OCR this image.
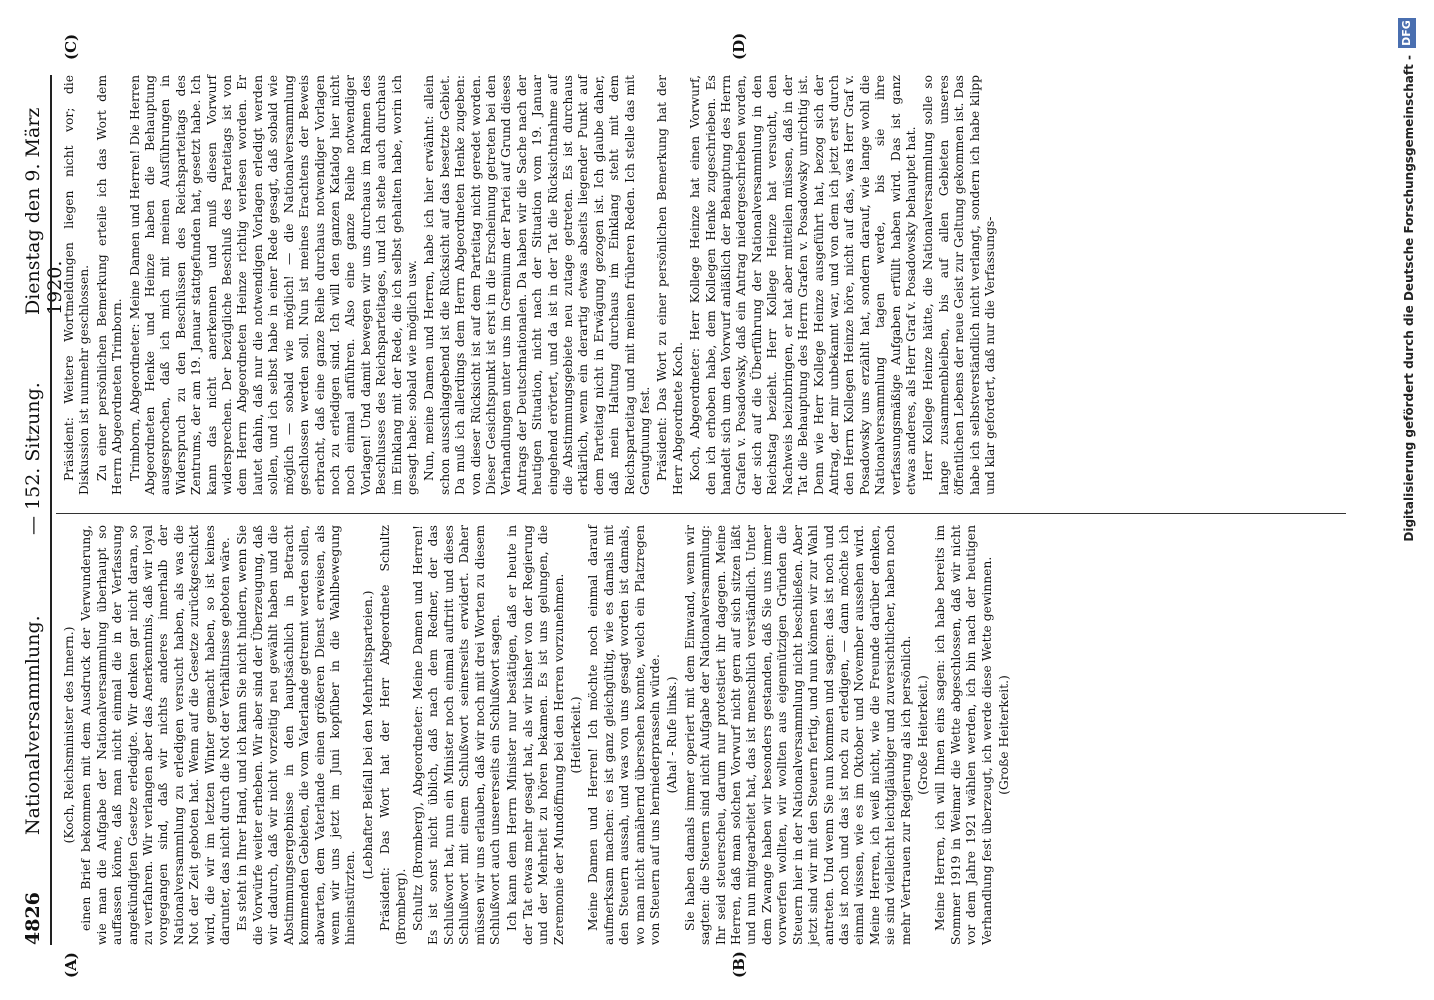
4826
Nationalversammlung.
— 152. Sitzung.
Dienstag den 9. März 1920.
(A)	(B)
(C)	(D)

(Koch, Reichsminister des Innern.) einen Brief bekommen mit dem Ausdruck der Verwunderung, wie man die Aufgabe der Nationalversammlung überhaupt so auffassen könne, daß man nicht einmal die in der Verfassung angekündigten Gesetze erledigte. Wir denken gar nicht daran, so zu verfahren. Wir verlangen aber das Anerkenntnis, daß wir loyal vorgegangen sind, daß wir nichts anderes innerhalb der Nationalversammlung zu erledigen versucht haben, als was die Not der Zeit geboten hat. Wenn auf die Gesetze zurückgeschickt wird, die wir im letzten Winter gemacht haben, so ist keines darunter, das nicht durch die Not der Verhältnisse geboten wäre. Es steht in Ihrer Hand, und ich kann Sie nicht hindern, wenn Sie die Vorwürfe weiter erheben. Wir aber sind der Überzeugung, daß wir dadurch, daß wir nicht vorzeitig neu gewählt haben und die Abstimmungsergebnisse in den hauptsächlich in Betracht kommenden Gebieten, die vom Vaterlande getrennt werden sollen, abwarten, dem Vaterlande einen größeren Dienst erweisen, als wenn wir uns jetzt im Juni kopfüber in die Wahlbewegung hineinstürzten.

(Lebhafter Beifall bei den Mehrheitsparteien.) Präsident: Das Wort hat der Herr Abgeordnete Schultz (Bromberg). Schultz (Bromberg), Abgeordneter: Meine Damen und Herren! Es ist sonst nicht üblich, daß nach dem Redner, der das Schlußwort hat, nun ein Minister noch einmal auftritt und dieses Schlußwort mit einem Schlußwort seinerseits erwidert. Daher müssen wir uns erlauben, daß wir noch mit drei Worten zu diesem Schlußwort auch unsererseits ein Schlußwort sagen. Ich kann dem Herrn Minister nur bestätigen, daß er heute in der Tat etwas mehr gesagt hat, als wir bisher von der Regierung und der Mehrheit zu hören bekamen. Es ist uns gelungen, die Zeremonie der Mundöffnung bei den Herren vorzunehmen. (Heiterkeit.) Meine Damen und Herren! Ich möchte noch einmal darauf aufmerksam machen: es ist ganz gleichgültig, wie es damals mit den Steuern aussah, und was von uns gesagt worden ist damals, wo man nicht annähernd übersehen konnte, welch ein Platzregen von Steuern auf uns herniederprasseln würde. (Aha! - Rufe links.) Sie haben damals immer operiert mit dem Einwand, wenn wir sagten: die Steuern sind nicht Aufgabe der Nationalversammlung: Ihr seid steuerscheu, darum nur protestiert ihr dagegen. Meine Herren, daß man solchen Vorwurf nicht gern auf sich sitzen läßt und nun mitgearbeitet hat, das ist menschlich verständlich. Unter dem Zwange haben wir besonders gestanden, daß Sie uns immer vorwerfen wollten, wir wollten aus eigennützigen Gründen die Steuern hier in der Nationalversammlung nicht beschließen. Aber jetzt sind wir mit den Steuern fertig, und nun können wir zur Wahl antreten. Und wenn Sie nun kommen und sagen: das ist noch und das ist noch und das ist noch zu erledigen, — dann möchte ich einmal wissen, wie es im Oktober und November aussehen wird. Meine Herren, ich weiß nicht, wie die Freunde darüber denken, sie sind vielleicht leichtgläubiger und zuversichtlicher, haben noch mehr Vertrauen zur Regierung als ich persönlich. (Große Heiterkeit.) Meine Herren, ich will Ihnen eins sagen: ich habe bereits im Sommer 1919 in Weimar die Wette abgeschlossen, daß wir nicht vor dem Jahre 1921 wählen werden, ich bin nach der heutigen Verhandlung fest überzeugt, ich werde diese Wette gewinnen. (Große Heiterkeit.)

Präsident: Weitere Wortmeldungen liegen nicht vor; die Diskussion ist nunmehr geschlossen. Zu einer persönlichen Bemerkung erteile ich das Wort dem Herrn Abgeordneten Trimborn. Trimborn, Abgeordneter: Meine Damen und Herren! Die Herren Abgeordneten Henke und Heinze haben die Behauptung ausgesprochen, daß ich mich mit meinen Ausführungen in Widerspruch zu den Beschlüssen des Reichsparteitags des Zentrums, der am 19. Januar stattgefunden hat, gesetzt habe. Ich kann das nicht anerkennen und muß diesen Vorwurf widersprechen. Der bezügliche Beschluß des Parteitags ist von dem Herrn Abgeordneten Heinze richtig verlesen worden. Er lautet dahin, daß nur die notwendigen Vorlagen erledigt werden sollen, und ich selbst habe in einer Rede gesagt, daß sobald wie möglich — sobald wie möglich! — die Nationalversammlung geschlossen werden soll. Nun ist meines Erachtens der Beweis erbracht, daß eine ganze Reihe durchaus notwendiger Vorlagen noch zu erledigen sind. Ich will den ganzen Katalog hier nicht noch einmal anführen. Also eine ganze Reihe notwendiger Vorlagen! Und damit bewegen wir uns durchaus im Rahmen des Beschlusses des Reichsparteitages, und ich stehe auch durchaus im Einklang mit der Rede, die ich selbst gehalten habe, worin ich gesagt habe: sobald wie möglich usw. Nun, meine Damen und Herren, habe ich hier erwähnt: allein schon ausschlaggebend ist die Rücksicht auf das besetzte Gebiet. Da muß ich allerdings dem Herrn Abgeordneten Henke zugeben: von dieser Rücksicht ist auf dem Parteitag nicht geredet worden. Dieser Gesichtspunkt ist erst in die Erscheinung getreten bei den Verhandlungen unter uns im Gremium der Partei auf Grund dieses Antrags der Deutschnationalen. Da haben wir die Sache nach der heutigen Situation, nicht nach der Situation vom 19. Januar eingehend erörtert, und da ist in der Tat die Rücksichtnahme auf die Abstimmungsgebiete neu zutage getreten. Es ist durchaus erklärlich, wenn ein derartig etwas abseits liegender Punkt auf dem Parteitag nicht in Erwägung gezogen ist. Ich glaube daher, daß mein Haltung durchaus im Einklang steht mit dem Reichsparteitag und mit meinen früheren Reden. Ich stelle das mit Genugtuung fest. Präsident: Das Wort zu einer persönlichen Bemerkung hat der Herr Abgeordnete Koch. Koch, Abgeordneter: Herr Kollege Heinze hat einen Vorwurf, den ich erhoben habe, dem Kollegen Henke zugeschrieben. Es handelt sich um den Vorwurf anläßlich der Behauptung des Herrn Grafen v. Posadowsky, daß ein Antrag niedergeschrieben worden, der sich auf die Überführung der Nationalversammlung in den Reichstag bezieht. Herr Kollege Heinze hat versucht, den Nachweis beizubringen, er hat aber mitteilen müssen, daß in der Tat die Behauptung des Herrn Grafen v. Posadowsky unrichtig ist. Denn wie Herr Kollege Heinze ausgeführt hat, bezog sich der Antrag, der mir unbekannt war, und von dem ich jetzt erst durch den Herrn Kollegen Heinze höre, nicht auf das, was Herr Graf v. Posadowsky uns erzählt hat, sondern darauf, wie lange wohl die Nationalversammlung tagen werde, bis sie ihre verfassungsmäßige Aufgaben erfüllt haben wird. Das ist ganz etwas anderes, als Herr Graf v. Posadowsky behauptet hat. Herr Kollege Heinze hätte, die Nationalversammlung solle so lange zusammenbleiben, bis auf allen Gebieten unseres öffentlichen Lebens der neue Geist zur Geltung gekommen ist. Das habe ich selbstverständlich nicht verlangt, sondern ich habe klipp und klar gefordert, daß nur die Verfassungs-	Digitalisierung gefördert durch die Deutsche Forschungsgemeinschaft -
DFG
